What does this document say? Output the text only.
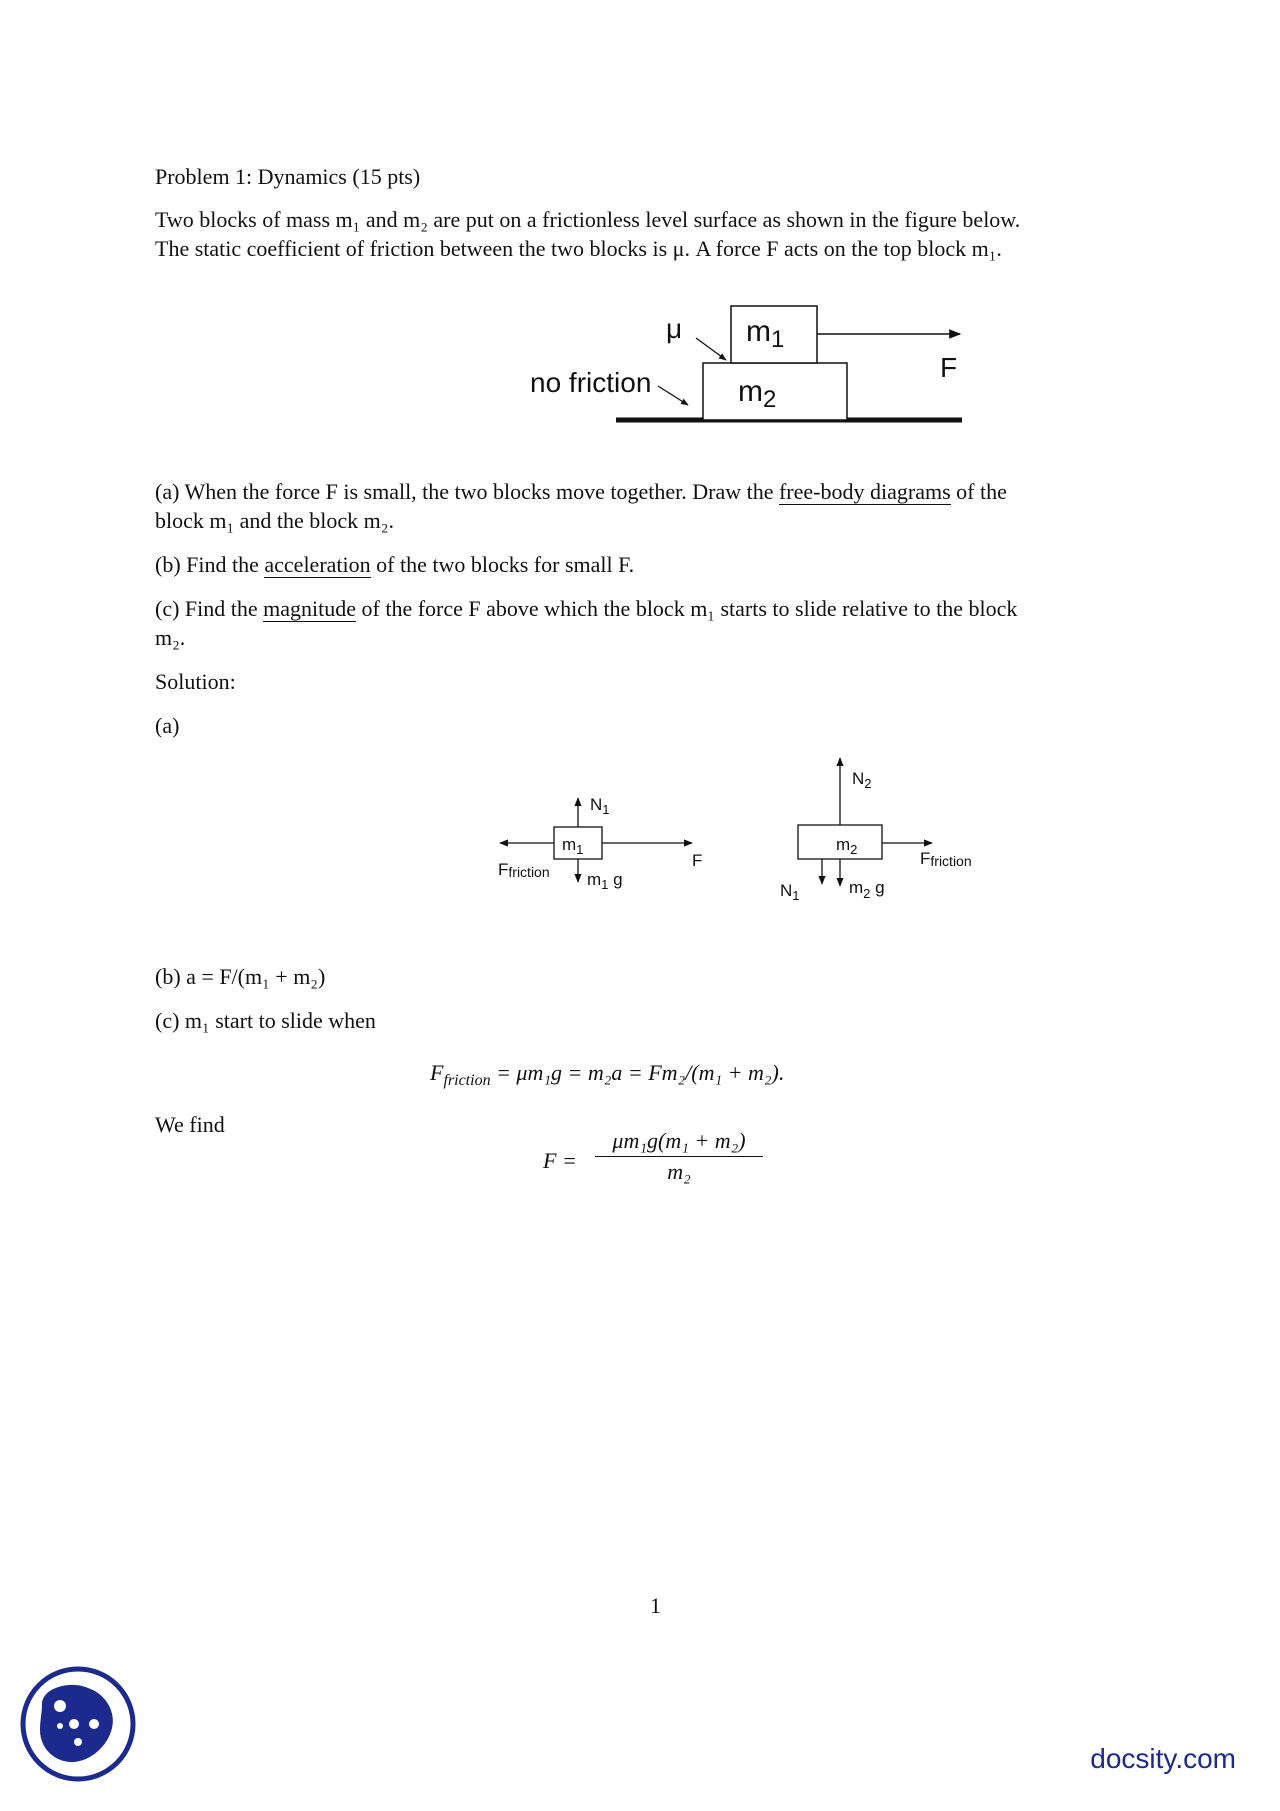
Problem 1: Dynamics (15 pts)
Two blocks of mass m₁ and m₂ are put on a frictionless level surface as shown in the figure below.
The static coefficient of friction between the two blocks is μ. A force F acts on the top block m₁.
$m_1$
$m_2$
F
μ
no friction
(a) When the force F is small, the two blocks move together. Draw the free-body diagrams of the
block m₁ and the block m₂.
(b) Find the acceleration of the two blocks for small F.
(c) Find the magnitude of the force F above which the block m₁ starts to slide relative to the block
m₂.
Solution:
(a)
$m_1$
$N_1$
F
Ffriction $m_1$ g
$m_2$
$N_2$
Ffriction
$N_1$	$m_2$ g
(b) a = F/(m₁ + m₂)
(c) m₁ start to slide when
$F_{friction} = \mu m_1g = m_2a = Fm_2/(m_1 + m_2)$.
We find
$F = \frac{\text{μm₁g(m₁ + m₂)}}{\text{m₂}}$
1
docsity.com
